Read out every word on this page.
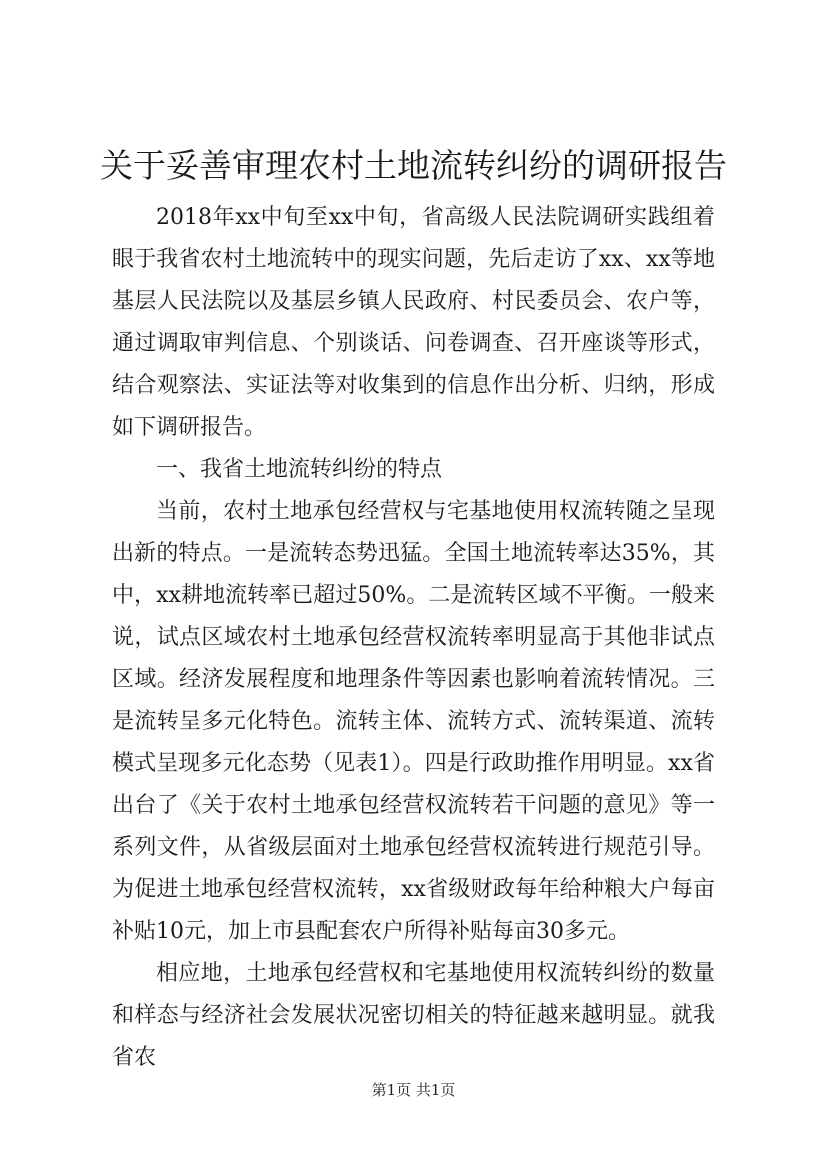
关于妥善审理农村土地流转纠纷的调研报告

2018年xx中旬至xx中旬，省高级人民法院调研实践组着眼于我省农村土地流转中的现实问题，先后走访了xx、xx等地基层人民法院以及基层乡镇人民政府、村民委员会、农户等，通过调取审判信息、个别谈话、问卷调查、召开座谈等形式，结合观察法、实证法等对收集到的信息作出分析、归纳，形成如下调研报告。

一、我省土地流转纠纷的特点

当前，农村土地承包经营权与宅基地使用权流转随之呈现出新的特点。一是流转态势迅猛。全国土地流转率达35%，其中，xx耕地流转率已超过50%。二是流转区域不平衡。一般来说，试点区域农村土地承包经营权流转率明显高于其他非试点区域。经济发展程度和地理条件等因素也影响着流转情况。三是流转呈多元化特色。流转主体、流转方式、流转渠道、流转模式呈现多元化态势（见表1）。四是行政助推作用明显。xx省出台了《关于农村土地承包经营权流转若干问题的意见》等一系列文件，从省级层面对土地承包经营权流转进行规范引导。为促进土地承包经营权流转，xx省级财政每年给种粮大户每亩补贴10元，加上市县配套农户所得补贴每亩30多元。

相应地，土地承包经营权和宅基地使用权流转纠纷的数量和样态与经济社会发展状况密切相关的特征越来越明显。就我省农

第1页 共1页
